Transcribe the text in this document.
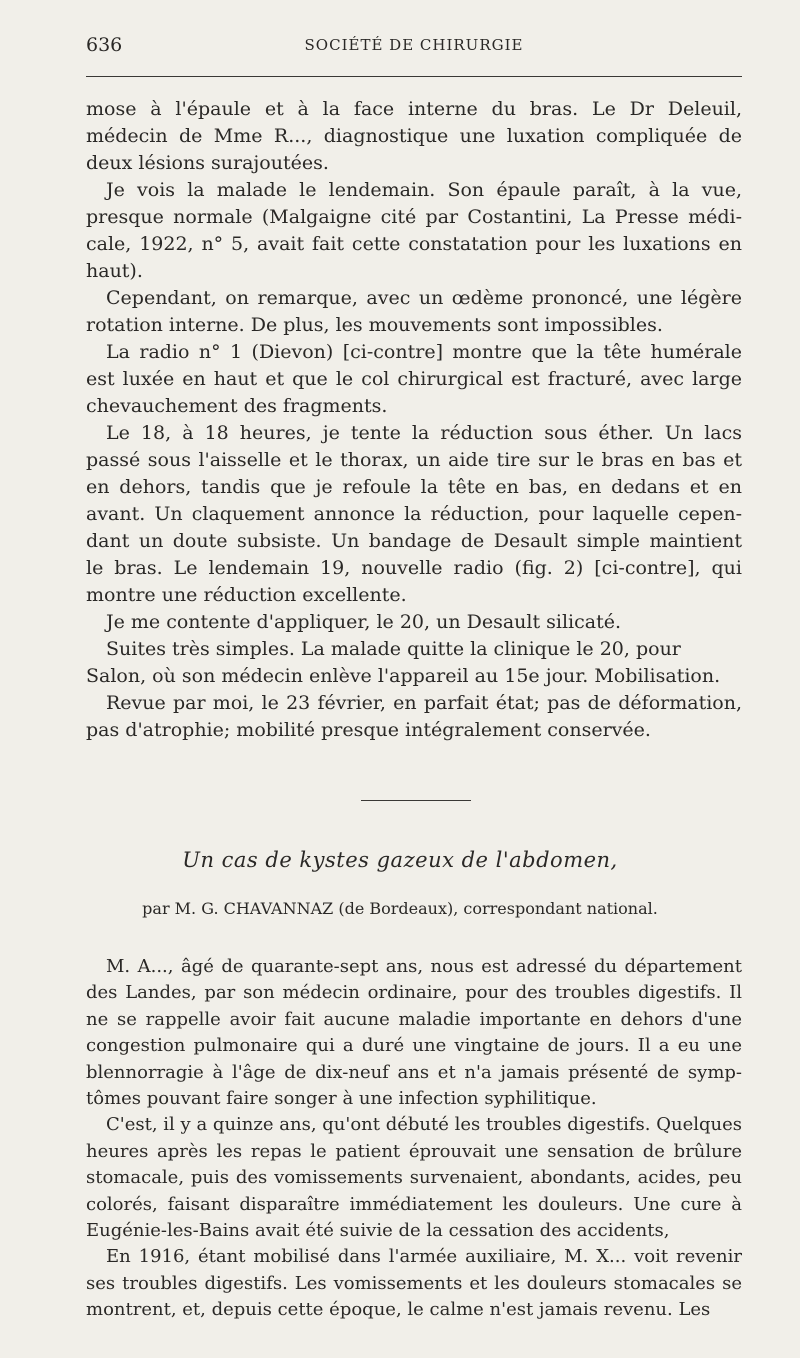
636	SOCIÉTÉ DE CHIRURGIE
mose à l'épaule et à la face interne du bras. Le Dr Deleuil,
médecin de Mme R..., diagnostique une luxation compliquée de
deux lésions surajoutées.
Je vois la malade le lendemain. Son épaule paraît, à la vue,
presque normale (Malgaigne cité par Costantini, La Presse médi-
cale, 1922, n° 5, avait fait cette constatation pour les luxations en
haut).
Cependant, on remarque, avec un œdème prononcé, une légère
rotation interne. De plus, les mouvements sont impossibles.
La radio n° 1 (Dievon) [ci-contre] montre que la tête humérale
est luxée en haut et que le col chirurgical est fracturé, avec large
chevauchement des fragments.
Le 18, à 18 heures, je tente la réduction sous éther. Un lacs
passé sous l'aisselle et le thorax, un aide tire sur le bras en bas et
en dehors, tandis que je refoule la tête en bas, en dedans et en
avant. Un claquement annonce la réduction, pour laquelle cepen-
dant un doute subsiste. Un bandage de Desault simple maintient
le bras. Le lendemain 19, nouvelle radio (fig. 2) [ci-contre], qui
montre une réduction excellente.
Je me contente d'appliquer, le 20, un Desault silicaté.
Suites très simples. La malade quitte la clinique le 20, pour
Salon, où son médecin enlève l'appareil au 15e jour. Mobilisation.
Revue par moi, le 23 février, en parfait état; pas de déformation,
pas d'atrophie; mobilité presque intégralement conservée.
Un cas de kystes gazeux de l'abdomen,
par M. G. CHAVANNAZ (de Bordeaux), correspondant national.
M. A..., âgé de quarante-sept ans, nous est adressé du département
des Landes, par son médecin ordinaire, pour des troubles digestifs. Il
ne se rappelle avoir fait aucune maladie importante en dehors d'une
congestion pulmonaire qui a duré une vingtaine de jours. Il a eu une
blennorragie à l'âge de dix-neuf ans et n'a jamais présenté de symp-
tômes pouvant faire songer à une infection syphilitique.
C'est, il y a quinze ans, qu'ont débuté les troubles digestifs. Quelques
heures après les repas le patient éprouvait une sensation de brûlure
stomacale, puis des vomissements survenaient, abondants, acides, peu
colorés, faisant disparaître immédiatement les douleurs. Une cure à
Eugénie-les-Bains avait été suivie de la cessation des accidents,
En 1916, étant mobilisé dans l'armée auxiliaire, M. X... voit revenir
ses troubles digestifs. Les vomissements et les douleurs stomacales se
montrent, et, depuis cette époque, le calme n'est jamais revenu. Les
